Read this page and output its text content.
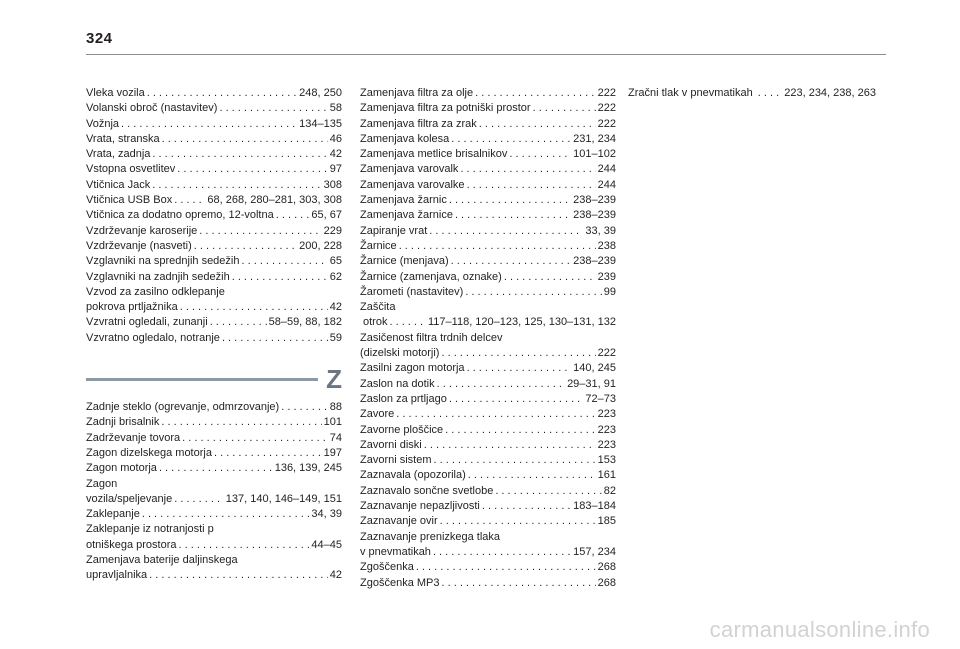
324
Vleka vozila . . .	248, 250
Volanski obroč (nastavitev) . . .	58
Vožnja . . .	134–135
Vrata, stranska . . .	46
Vrata, zadnja . . .	42
Vstopna osvetlitev . . .	97
Vtičnica Jack . . .	308
Vtičnica USB Box . . .	68, 268, 280–281, 303, 308
Vtičnica za dodatno opremo, 12-voltna . . .	65, 67
Vzdrževanje karoserije . . .	229
Vzdrževanje (nasveti) . . .	200, 228
Vzglavniki na sprednjih sedežih . . .	65
Vzglavniki na zadnjih sedežih . . .	62
Vzvod za zasilno odklepanje
pokrova prtljažnika . . .	42
Vzvratni ogledali, zunanji . . .	58–59, 88, 182
Vzvratno ogledalo, notranje . . .	59
Z
Zadnje steklo (ogrevanje, odmrzovanje) . . .	88
Zadnji brisalnik . . .	101
Zadrževanje tovora . . .	74
Zagon dizelskega motorja . . .	197
Zagon motorja . . .	136, 139, 245
Zagon
vozila/speljevanje . . .	137, 140, 146–149, 151
Zaklepanje . . .	34, 39
Zaklepanje iz notranjosti p
otniškega prostora . . .	44–45
Zamenjava baterije daljinskega
upravljalnika . . .	42
Zamenjava filtra za olje . . .	222
Zamenjava filtra za potniški prostor . . .	222
Zamenjava filtra za zrak . . .	222
Zamenjava kolesa . . .	231, 234
Zamenjava metlice brisalnikov . . .	101–102
Zamenjava varovalk . . .	244
Zamenjava varovalke . . .	244
Zamenjava žarnic . . .	238–239
Zamenjava žarnice . . .	238–239
Zapiranje vrat . . .	33, 39
Žarnice . . .	238
Žarnice (menjava) . . .	238–239
Žarnice (zamenjava, oznake) . . .	239
Žarometi (nastavitev) . . .	99
Zaščita
otrok . . .	117–118, 120–123, 125, 130–131, 132
Zasičenost filtra trdnih delcev
(dizelski motorji) . . .	222
Zasilni zagon motorja . . .	140, 245
Zaslon na dotik . . .	29–31, 91
Zaslon za prtljago . . .	72–73
Zavore . . .	223
Zavorne ploščice . . .	223
Zavorni diski . . .	223
Zavorni sistem . . .	153
Zaznavala (opozorila) . . .	161
Zaznavalo sončne svetlobe . . .	82
Zaznavanje nepazljivosti . . .	183–184
Zaznavanje ovir . . .	185
Zaznavanje prenizkega tlaka
v pnevmatikah . . .	157, 234
Zgoščenka . . .	268
Zgoščenka MP3 . . .	268
Zračni tlak v pnevmatikah . . .	223, 234, 238, 263
carmanualsonline.info
